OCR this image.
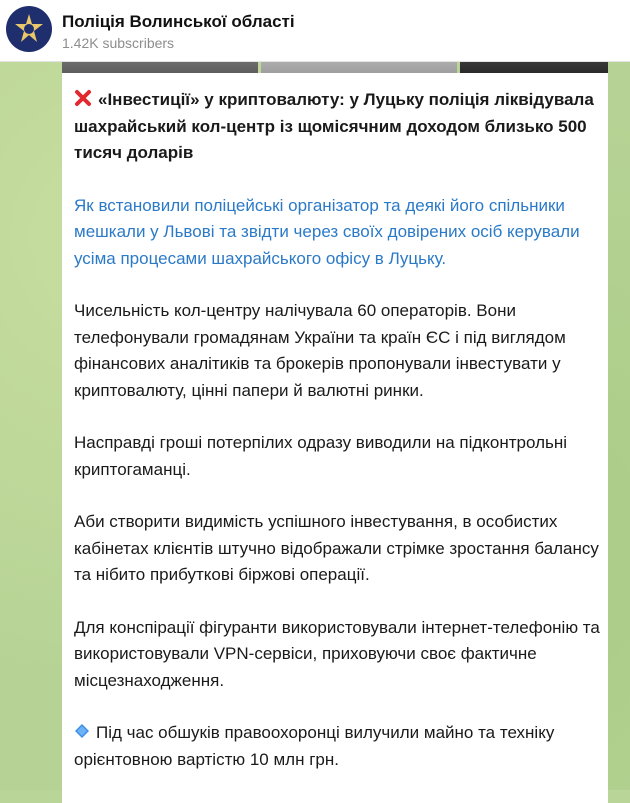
Поліція Волинської області
1.42K subscribers

«Інвестиції» у криптовалюту: у Луцьку поліція ліквідувала шахрайський кол-центр із щомісячним доходом близько 500 тисяч доларів

Як встановили поліцейські організатор та деякі його спільники мешкали у Львові та звідти через своїх довірених осіб керували усіма процесами шахрайського офісу в Луцьку.

Чисельність кол-центру налічувала 60 операторів. Вони телефонували громадянам України та країн ЄС і під виглядом фінансових аналітиків та брокерів пропонували інвестувати у криптовалюту, цінні папери й валютні ринки.

Насправді гроші потерпілих одразу виводили на підконтрольні криптогаманці.

Аби створити видимість успішного інвестування, в особистих кабінетах клієнтів штучно відображали стрімке зростання балансу та нібито прибуткові біржові операції.

Для конспірації фігуранти використовували інтернет-телефонію та використовували VPN-сервіси, приховуючи своє фактичне місцезнаходження.

Під час обшуків правоохоронці вилучили майно та техніку орієнтовною вартістю 10 млн грн.
